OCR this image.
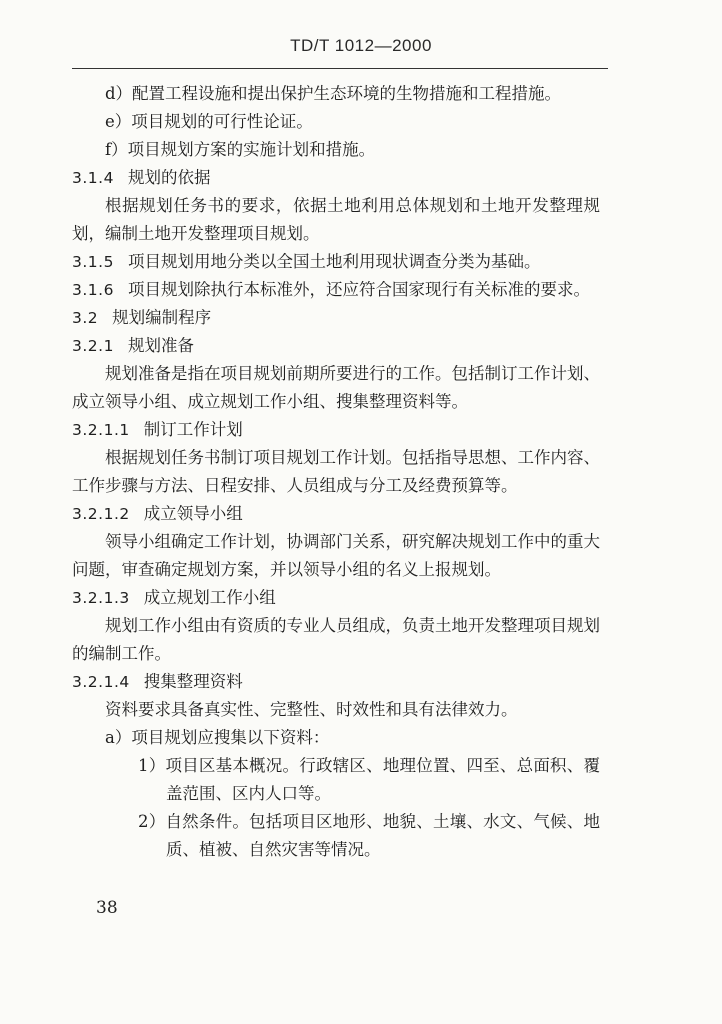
TD/T 1012—2000
d）配置工程设施和提出保护生态环境的生物措施和工程措施。
e）项目规划的可行性论证。
f）项目规划方案的实施计划和措施。
3.1.4 规划的依据
根据规划任务书的要求，依据土地利用总体规划和土地开发整理规划，编制土地开发整理项目规划。
3.1.5 项目规划用地分类以全国土地利用现状调查分类为基础。
3.1.6 项目规划除执行本标准外，还应符合国家现行有关标准的要求。
3.2 规划编制程序
3.2.1 规划准备
规划准备是指在项目规划前期所要进行的工作。包括制订工作计划、成立领导小组、成立规划工作小组、搜集整理资料等。
3.2.1.1 制订工作计划
根据规划任务书制订项目规划工作计划。包括指导思想、工作内容、工作步骤与方法、日程安排、人员组成与分工及经费预算等。
3.2.1.2 成立领导小组
领导小组确定工作计划，协调部门关系，研究解决规划工作中的重大问题，审查确定规划方案，并以领导小组的名义上报规划。
3.2.1.3 成立规划工作小组
规划工作小组由有资质的专业人员组成，负责土地开发整理项目规划的编制工作。
3.2.1.4 搜集整理资料
资料要求具备真实性、完整性、时效性和具有法律效力。
a）项目规划应搜集以下资料：
1）项目区基本概况。行政辖区、地理位置、四至、总面积、覆盖范围、区内人口等。
2）自然条件。包括项目区地形、地貌、土壤、水文、气候、地质、植被、自然灾害等情况。
38
